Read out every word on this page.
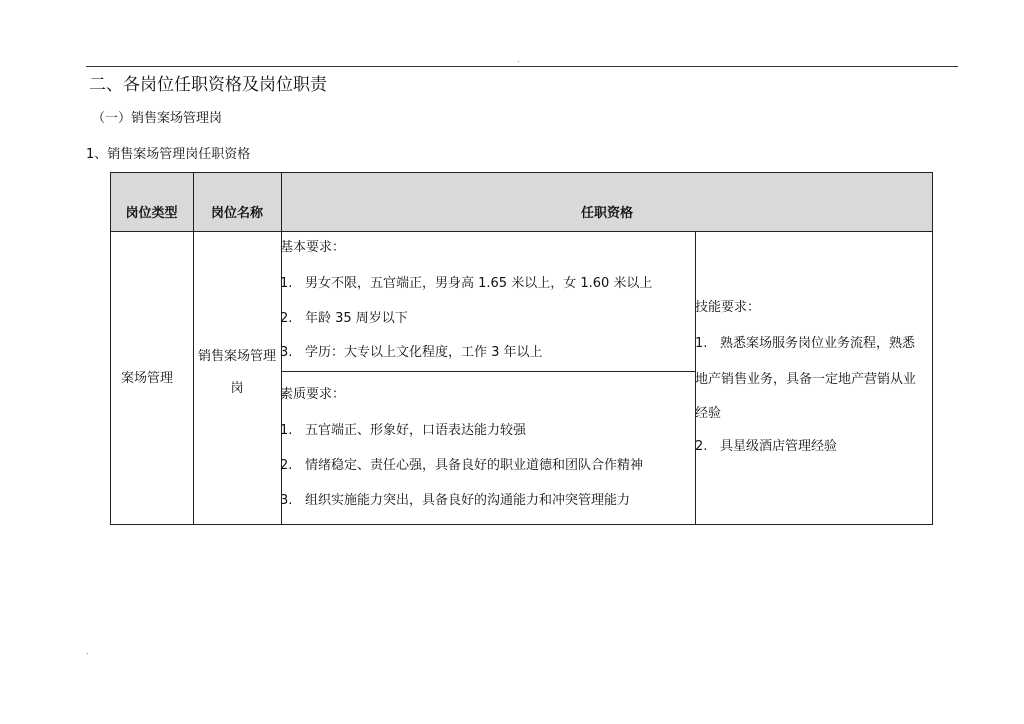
.
二、各岗位任职资格及岗位职责
（一）销售案场管理岗
1、销售案场管理岗任职资格
岗位类型	岗位名称	任职资格
案场管理
销售案场管理
岗
基本要求：
1. 男女不限，五官端正，男身高 1.65 米以上，女 1.60 米以上
2. 年龄 35 周岁以下
3. 学历：大专以上文化程度，工作 3 年以上
素质要求：
1. 五官端正、形象好，口语表达能力较强
2. 情绪稳定、责任心强，具备良好的职业道德和团队合作精神
3. 组织实施能力突出，具备良好的沟通能力和冲突管理能力
技能要求：
1. 熟悉案场服务岗位业务流程，熟悉
地产销售业务，具备一定地产营销从业
经验
2. 具星级酒店管理经验
.
